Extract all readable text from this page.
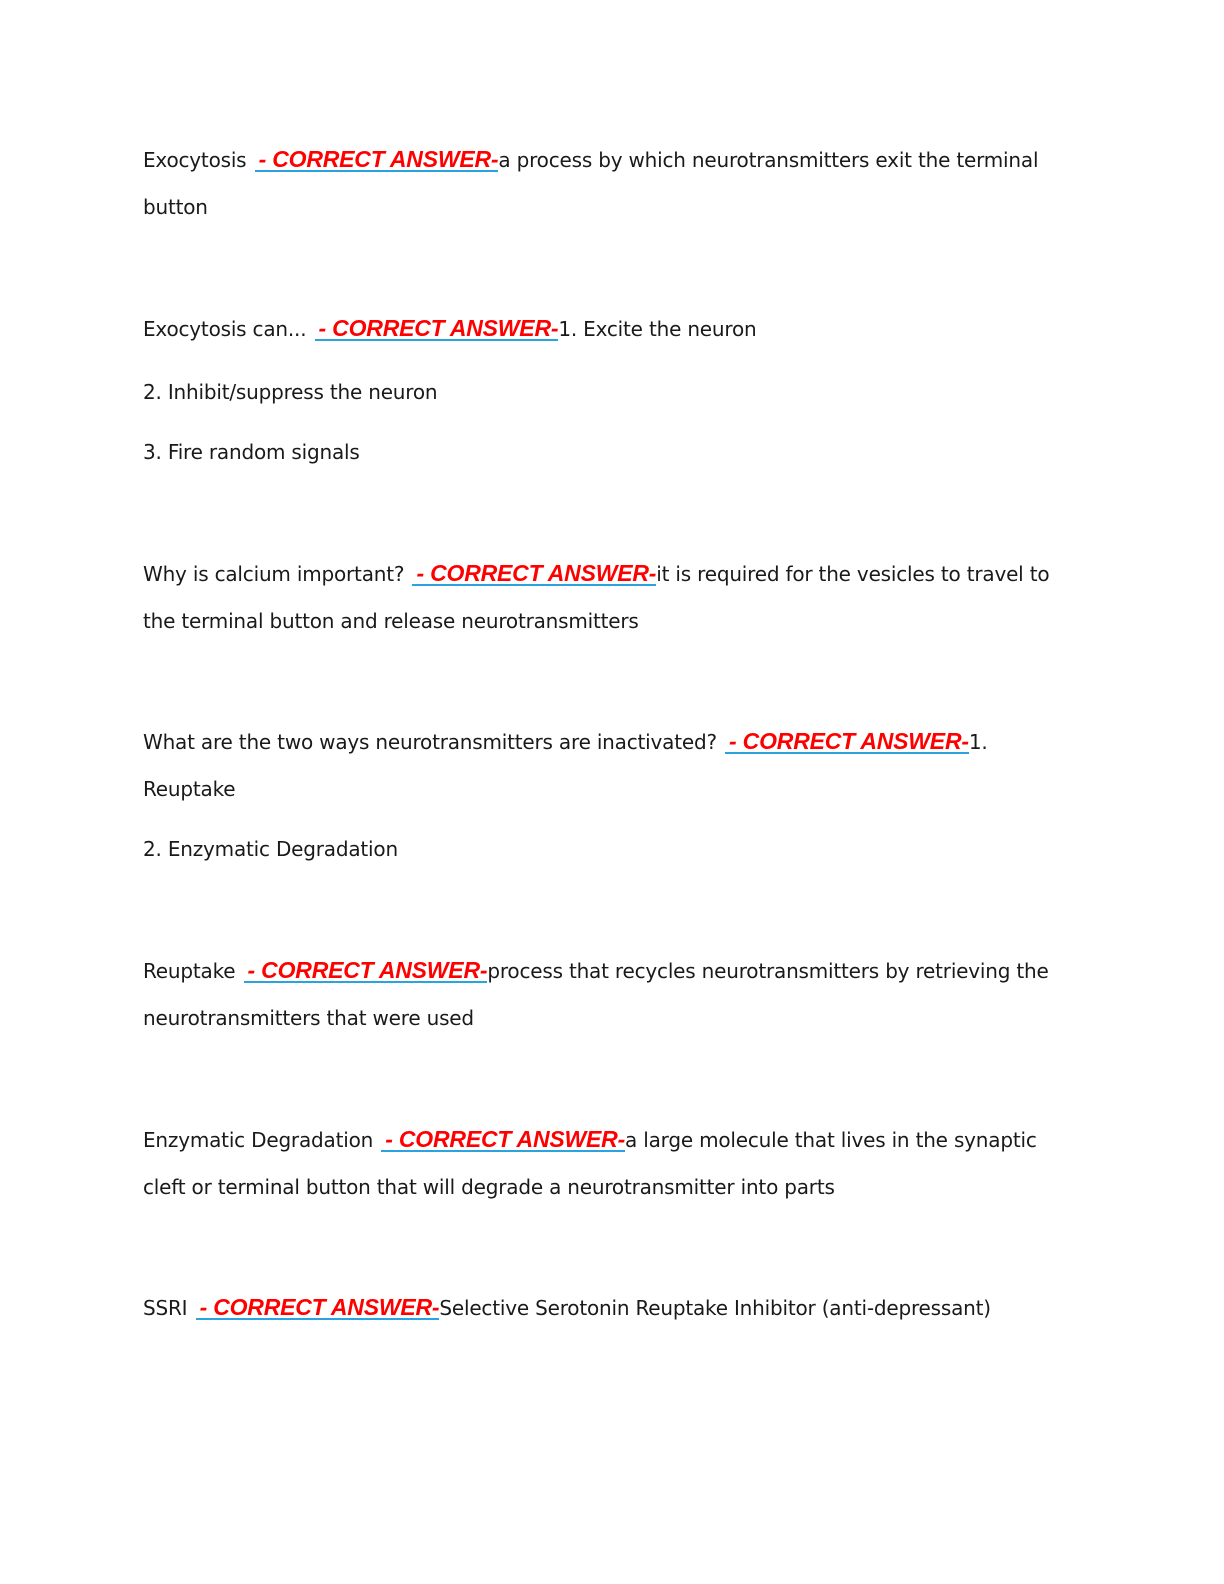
Exocytosis - CORRECT ANSWER-a process by which neurotransmitters exit the terminal
button
Exocytosis can... - CORRECT ANSWER-1. Excite the neuron
2. Inhibit/suppress the neuron
3. Fire random signals
Why is calcium important? - CORRECT ANSWER-it is required for the vesicles to travel to
the terminal button and release neurotransmitters
What are the two ways neurotransmitters are inactivated? - CORRECT ANSWER-1.
Reuptake
2. Enzymatic Degradation
Reuptake - CORRECT ANSWER-process that recycles neurotransmitters by retrieving the
neurotransmitters that were used
Enzymatic Degradation - CORRECT ANSWER-a large molecule that lives in the synaptic
cleft or terminal button that will degrade a neurotransmitter into parts
SSRI - CORRECT ANSWER-Selective Serotonin Reuptake Inhibitor (anti-depressant)
